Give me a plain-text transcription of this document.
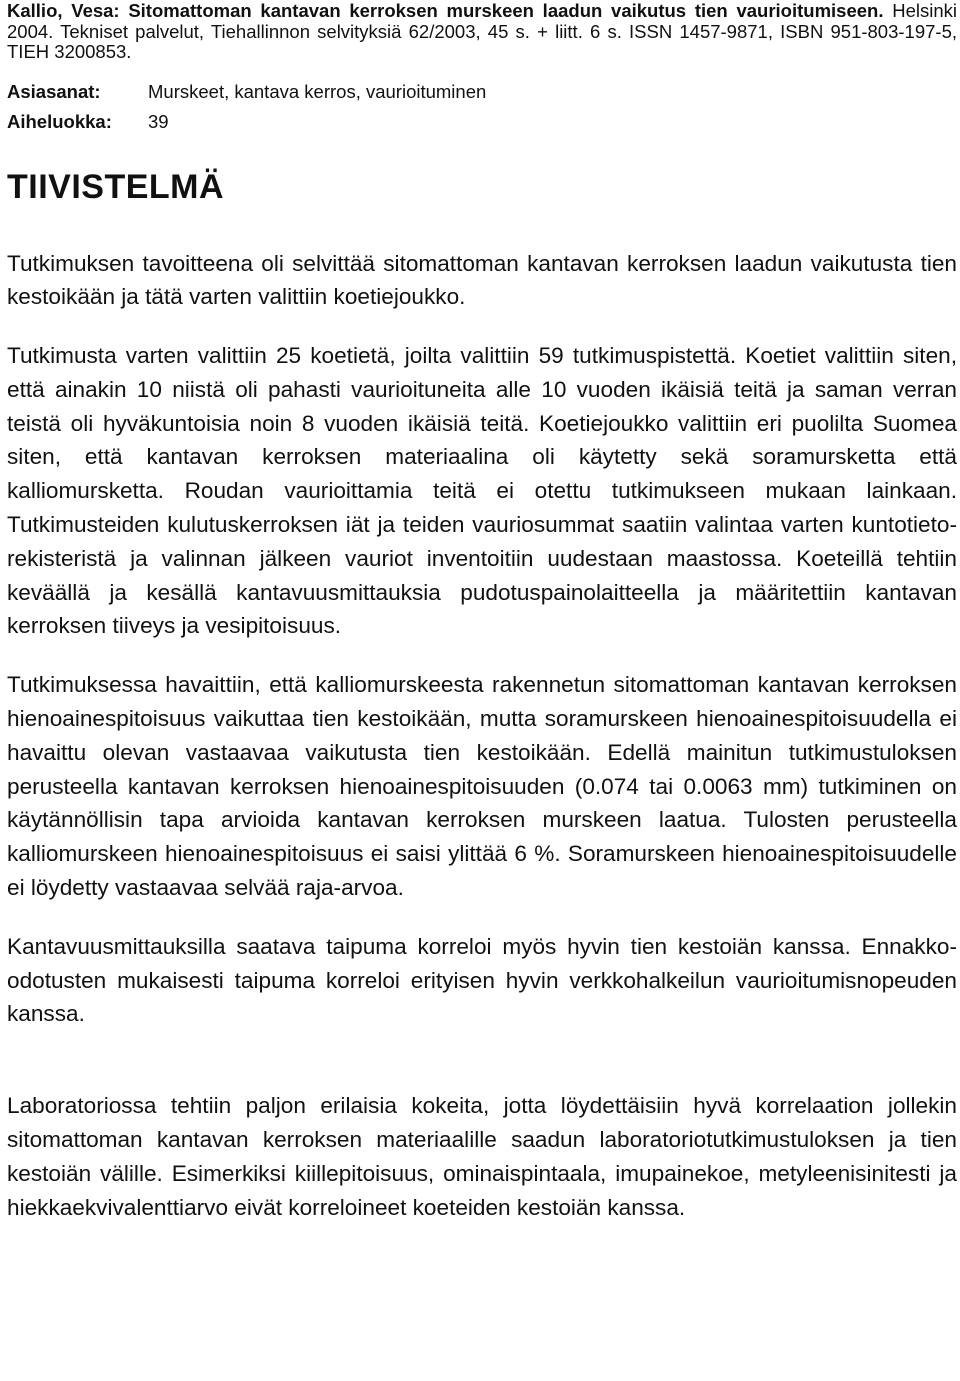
Kallio, Vesa: Sitomattoman kantavan kerroksen murskeen laadun vaikutus tien vaurioitumiseen. Helsinki 2004. Tekniset palvelut, Tiehallinnon selvityksiä 62/2003, 45 s. + liitt. 6 s. ISSN 1457-9871, ISBN 951-803-197-5, TIEH 3200853.

Asiasanat:	Murskeet, kantava kerros, vaurioituminen
Aiheluokka:	39
TIIVISTELMÄ

Tutkimuksen tavoitteena oli selvittää sitomattoman kantavan kerroksen laadun vaikutusta tien kestoikään ja tätä varten valittiin koetiejoukko.

Tutkimusta varten valittiin 25 koetietä, joilta valittiin 59 tutkimuspistettä. Koetiet valittiin siten, että ainakin 10 niistä oli pahasti vaurioituneita alle 10 vuoden ikäisiä teitä ja saman verran teistä oli hyväkuntoisia noin 8 vuoden ikäisiä teitä. Koetiejoukko valittiin eri puolilta Suomea siten, että kantavan kerroksen materiaalina oli käytetty sekä soramursketta että kalliomursketta. Roudan vaurioittamia teitä ei otettu tutkimukseen mukaan lainkaan. Tutkimusteiden kulutuskerroksen iät ja teiden vauriosummat saatiin valintaa varten kuntotietorekisteristä ja valinnan jälkeen vauriot inventoitiin uudestaan maastossa. Koeteillä tehtiin keväällä ja kesällä kantavuusmittauksia pudotuspainolaitteella ja määritettiin kantavan kerroksen tiiveys ja vesipitoisuus.

Tutkimuksessa havaittiin, että kalliomurskeesta rakennetun sitomattoman kantavan kerroksen hienoainespitoisuus vaikuttaa tien kestoikään, mutta soramurskeen hienoainespitoisuudella ei havaittu olevan vastaavaa vaikutusta tien kestoikään. Edellä mainitun tutkimustuloksen perusteella kantavan kerroksen hienoainespitoisuuden (0.074 tai 0.0063 mm) tutkiminen on käytännöllisin tapa arvioida kantavan kerroksen murskeen laatua. Tulosten perusteella kalliomurskeen hienoainespitoisuus ei saisi ylittää 6 %. Soramurskeen hienoainespitoisuudelle ei löydetty vastaavaa selvää raja-arvoa.

Kantavuusmittauksilla saatava taipuma korreloi myös hyvin tien kestoiän kanssa. Ennakko-odotusten mukaisesti taipuma korreloi erityisen hyvin verkkohalkeilun vaurioitumisnopeuden kanssa.

Laboratoriossa tehtiin paljon erilaisia kokeita, jotta löydettäisiin hyvä korrelaation jollekin sitomattoman kantavan kerroksen materiaalille saadun laboratoriotutkimustuloksen ja tien kestoiän välille. Esimerkiksi kiillepitoisuus, ominaispintaala, imupainekoe, metyleenisinitesti ja hiekkaekvivalenttiarvo eivät korreloineet koeteiden kestoiän kanssa.
